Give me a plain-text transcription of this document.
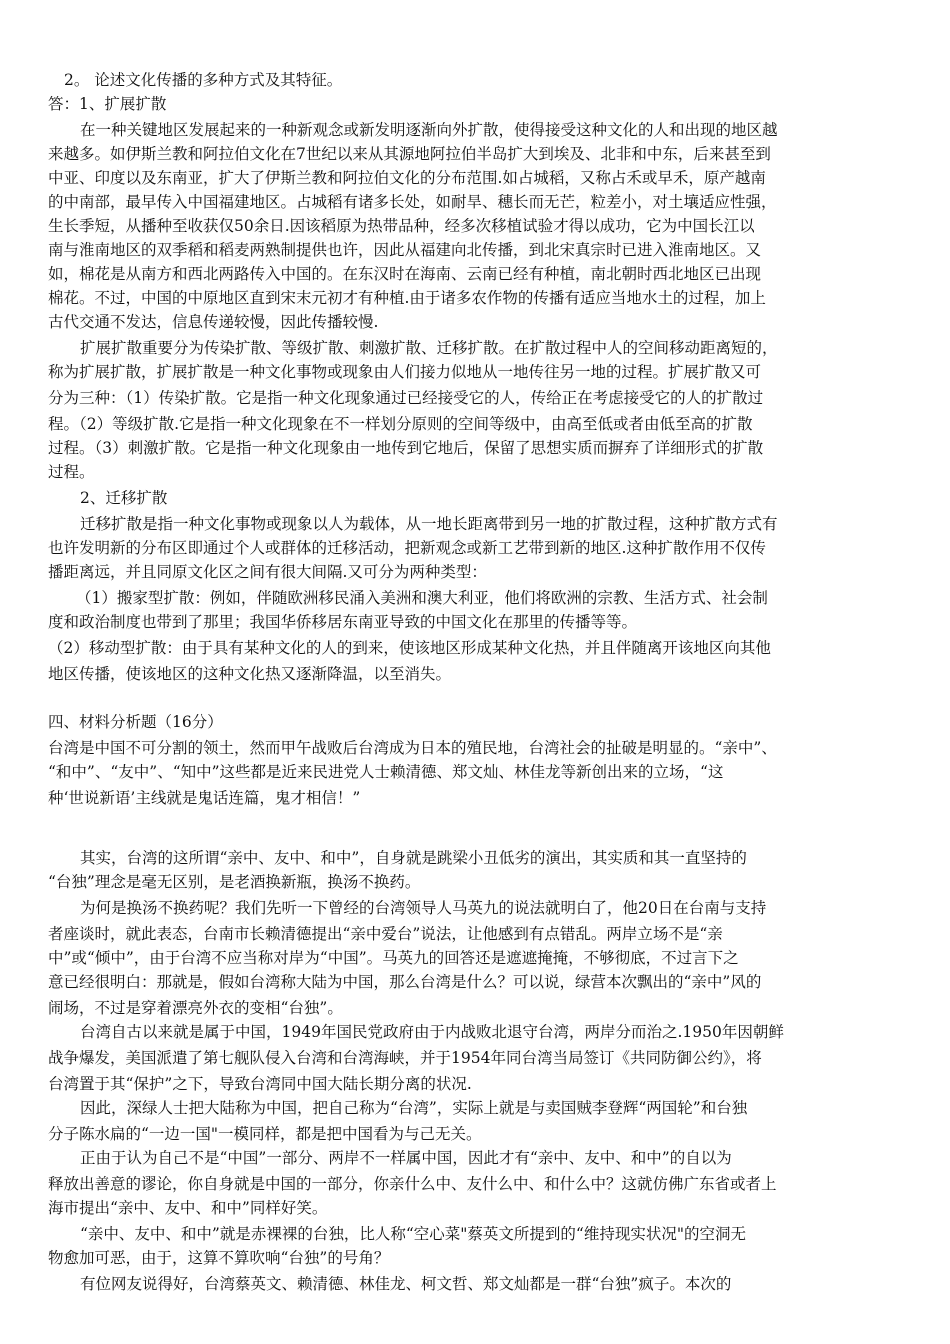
2。 论述文化传播的多种方式及其特征。
答：1、扩展扩散
在一种关键地区发展起来的一种新观念或新发明逐渐向外扩散，使得接受这种文化的人和出现的地区越
来越多。如伊斯兰教和阿拉伯文化在7世纪以来从其源地阿拉伯半岛扩大到埃及、北非和中东，后来甚至到
中亚、印度以及东南亚，扩大了伊斯兰教和阿拉伯文化的分布范围.如占城稻，又称占禾或早禾，原产越南
的中南部，最早传入中国福建地区。占城稻有诸多长处，如耐旱、穗长而无芒，粒差小，对土壤适应性强，
生长季短，从播种至收获仅50余日.因该稻原为热带品种，经多次移植试验才得以成功，它为中国长江以
南与淮南地区的双季稻和稻麦两熟制提供也许，因此从福建向北传播，到北宋真宗时已进入淮南地区。又
如，棉花是从南方和西北两路传入中国的。在东汉时在海南、云南已经有种植，南北朝时西北地区已出现
棉花。不过，中国的中原地区直到宋末元初才有种植.由于诸多农作物的传播有适应当地水土的过程，加上
古代交通不发达，信息传递较慢，因此传播较慢.
扩展扩散重要分为传染扩散、等级扩散、刺激扩散、迁移扩散。在扩散过程中人的空间移动距离短的，
称为扩展扩散，扩展扩散是一种文化事物或现象由人们接力似地从一地传往另一地的过程。扩展扩散又可
分为三种：（1）传染扩散。它是指一种文化现象通过已经接受它的人，传给正在考虑接受它的人的扩散过
程。（2）等级扩散.它是指一种文化现象在不一样划分原则的空间等级中，由高至低或者由低至高的扩散
过程。（3）刺激扩散。它是指一种文化现象由一地传到它地后，保留了思想实质而摒弃了详细形式的扩散
过程。
2、迁移扩散
迁移扩散是指一种文化事物或现象以人为载体，从一地长距离带到另一地的扩散过程，这种扩散方式有
也许发明新的分布区即通过个人或群体的迁移活动，把新观念或新工艺带到新的地区.这种扩散作用不仅传
播距离远，并且同原文化区之间有很大间隔.又可分为两种类型：
（1）搬家型扩散：例如，伴随欧洲移民涌入美洲和澳大利亚，他们将欧洲的宗教、生活方式、社会制
度和政治制度也带到了那里；我国华侨移居东南亚导致的中国文化在那里的传播等等。
（2）移动型扩散：由于具有某种文化的人的到来，使该地区形成某种文化热，并且伴随离开该地区向其他
地区传播，使该地区的这种文化热又逐渐降温，以至消失。
四、材料分析题（16分）
台湾是中国不可分割的领土，然而甲午战败后台湾成为日本的殖民地，台湾社会的扯破是明显的。“亲中”、
“和中”、“友中”、“知中”这些都是近来民进党人士赖清德、郑文灿、林佳龙等新创出来的立场，“这
种‘世说新语’主线就是鬼话连篇，鬼才相信！”
其实，台湾的这所谓“亲中、友中、和中”，自身就是跳梁小丑低劣的演出，其实质和其一直坚持的
“台独”理念是毫无区别，是老酒换新瓶，换汤不换药。
为何是换汤不换药呢？我们先听一下曾经的台湾领导人马英九的说法就明白了，他20日在台南与支持
者座谈时，就此表态，台南市长赖清德提出“亲中爱台”说法，让他感到有点错乱。两岸立场不是“亲
中”或“倾中”，由于台湾不应当称对岸为“中国”。马英九的回答还是遮遮掩掩，不够彻底，不过言下之
意已经很明白：那就是，假如台湾称大陆为中国，那么台湾是什么？可以说，绿营本次飘出的“亲中”风的
闹场，不过是穿着漂亮外衣的变相“台独”。
台湾自古以来就是属于中国，1949年国民党政府由于内战败北退守台湾，两岸分而治之.1950年因朝鲜
战争爆发，美国派遣了第七舰队侵入台湾和台湾海峡，并于1954年同台湾当局签订《共同防御公约》，将
台湾置于其“保护”之下，导致台湾同中国大陆长期分离的状况.
因此，深绿人士把大陆称为中国，把自己称为“台湾”，实际上就是与卖国贼李登辉“两国轮”和台独
分子陈水扁的“一边一国"一模同样，都是把中国看为与己无关。
正由于认为自己不是“中国”一部分、两岸不一样属中国，因此才有“亲中、友中、和中”的自以为
释放出善意的谬论，你自身就是中国的一部分，你亲什么中、友什么中、和什么中？这就仿佛广东省或者上
海市提出“亲中、友中、和中”同样好笑。
“亲中、友中、和中”就是赤裸裸的台独，比人称“空心菜"蔡英文所提到的“维持现实状况"的空洞无
物愈加可恶，由于，这算不算吹响“台独”的号角？
有位网友说得好，台湾蔡英文、赖清德、林佳龙、柯文哲、郑文灿都是一群“台独”疯子。本次的
